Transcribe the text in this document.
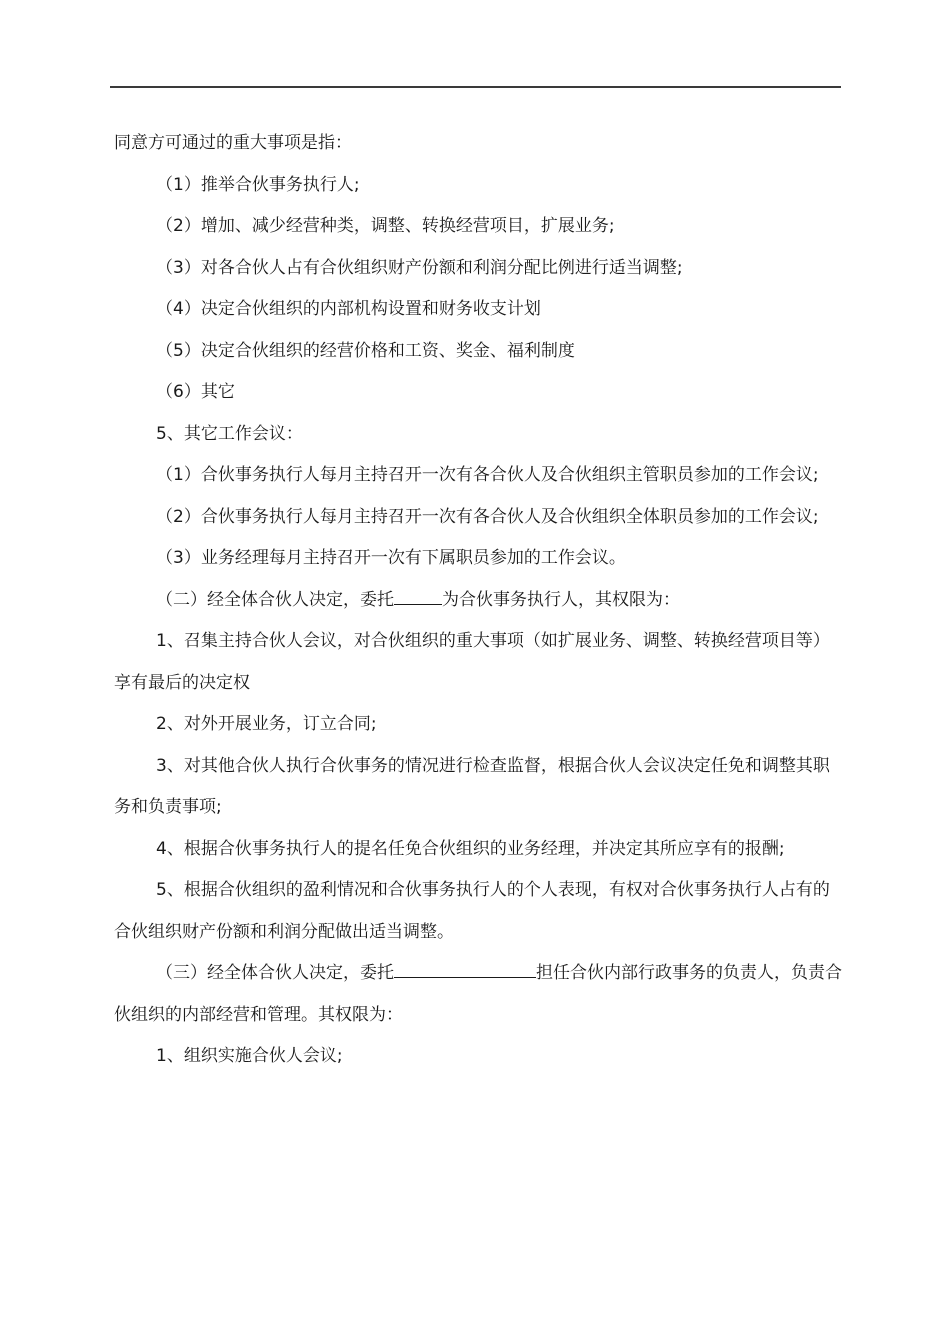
同意方可通过的重大事项是指：

（1）推举合伙事务执行人;

（2）增加、减少经营种类，调整、转换经营项目，扩展业务;

（3）对各合伙人占有合伙组织财产份额和利润分配比例进行适当调整;

（4）决定合伙组织的内部机构设置和财务收支计划

（5）决定合伙组织的经营价格和工资、奖金、福利制度

（6）其它

5、其它工作会议：

（1）合伙事务执行人每月主持召开一次有各合伙人及合伙组织主管职员参加的工作会议;

（2）合伙事务执行人每月主持召开一次有各合伙人及合伙组织全体职员参加的工作会议;

（3）业务经理每月主持召开一次有下属职员参加的工作会议。

（二）经全体合伙人决定，委托	为合伙事务执行人，其权限为：

1、召集主持合伙人会议，对合伙组织的重大事项（如扩展业务、调整、转换经营项目等）享有最后的决定权

2、对外开展业务，订立合同;

3、对其他合伙人执行合伙事务的情况进行检查监督，根据合伙人会议决定任免和调整其职务和负责事项;

4、根据合伙事务执行人的提名任免合伙组织的业务经理，并决定其所应享有的报酬;

5、根据合伙组织的盈利情况和合伙事务执行人的个人表现，有权对合伙事务执行人占有的合伙组织财产份额和利润分配做出适当调整。

（三）经全体合伙人决定，委托	担任合伙内部行政事务的负责人，负责合伙组织的内部经营和管理。其权限为：

1、组织实施合伙人会议;
